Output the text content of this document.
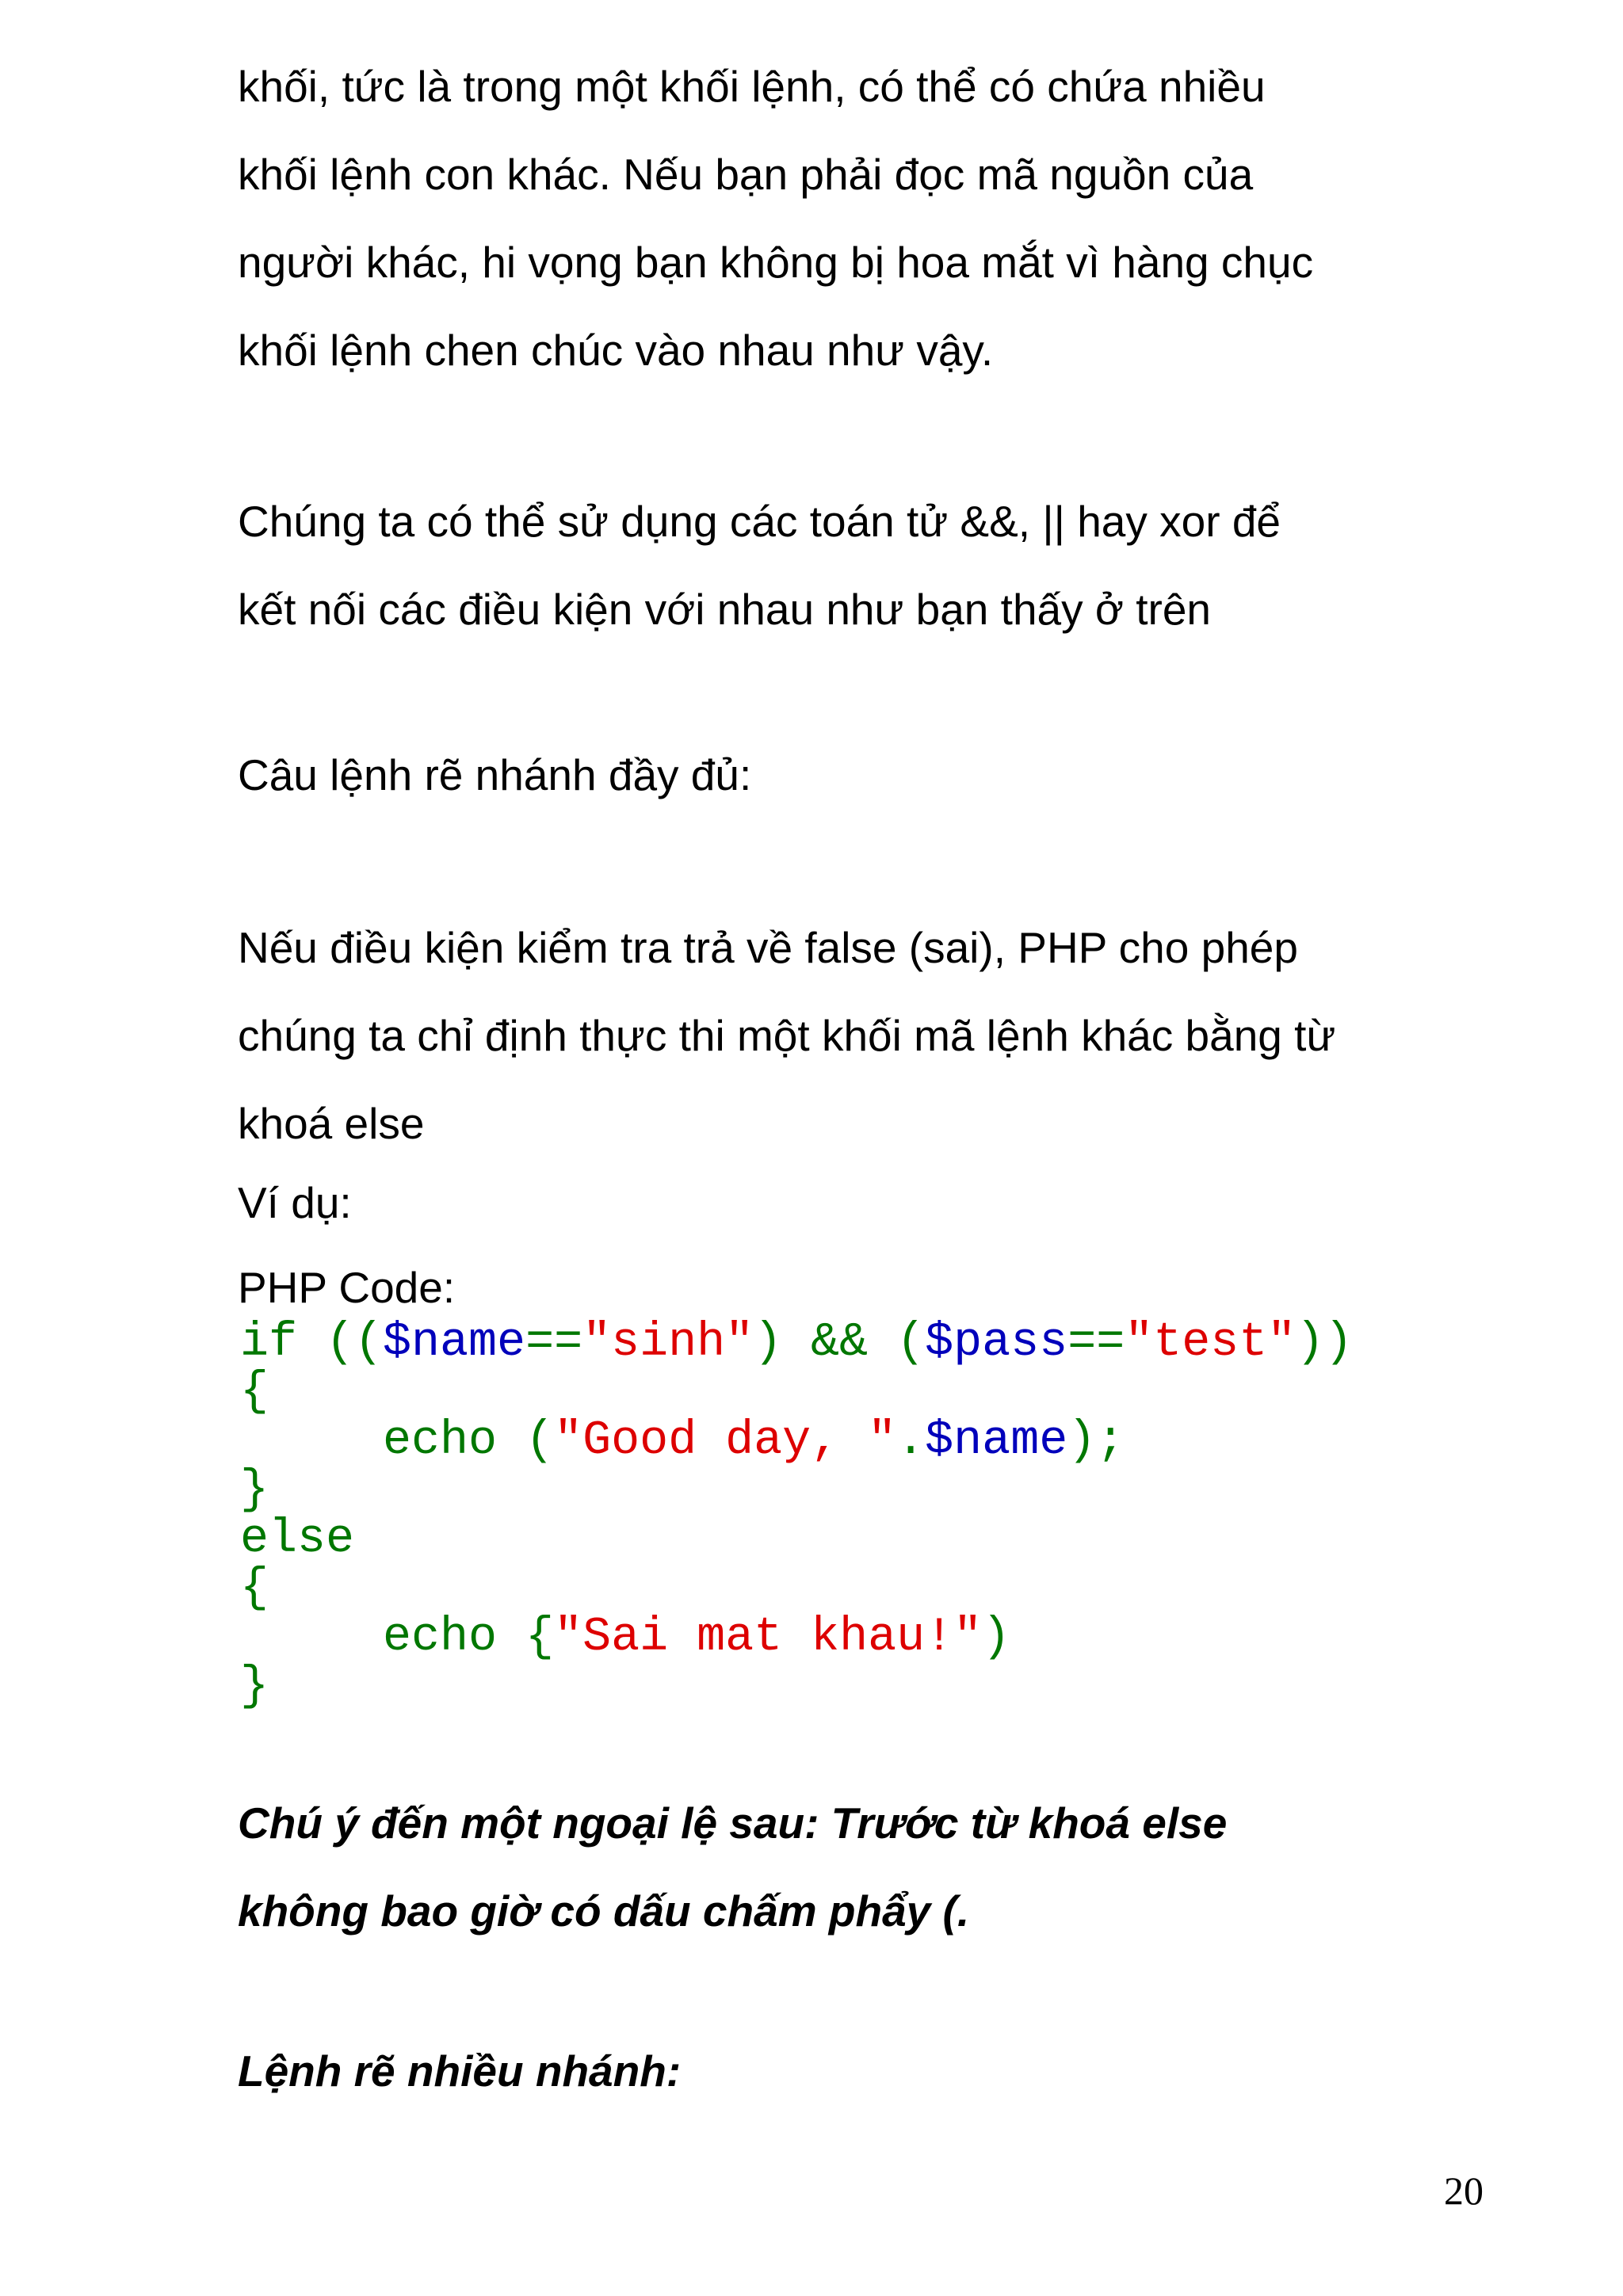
khối, tức là trong một khối lệnh, có thể có chứa nhiều
khối lệnh con khác. Nếu bạn phải đọc mã nguồn của
người khác, hi vọng bạn không bị hoa mắt vì hàng chục
khối lệnh chen chúc vào nhau như vậy.
Chúng ta có thể sử dụng các toán tử &&, || hay xor để
kết nối các điều kiện với nhau như bạn thấy ở trên
Câu lệnh rẽ nhánh đầy đủ:
Nếu điều kiện kiểm tra trả về false (sai), PHP cho phép
chúng ta chỉ định thực thi một khối mã lệnh khác bằng từ
khoá else
Ví dụ:
PHP Code:
if (($name=="sinh") && ($pass=="test"))
{
echo ("Good day, ".$name);
}
else
{
echo {"Sai mat khau!")
}
Chú ý đến một ngoại lệ sau: Trước từ khoá else
không bao giờ có dấu chấm phẩy (.
Lệnh rẽ nhiều nhánh:
20
